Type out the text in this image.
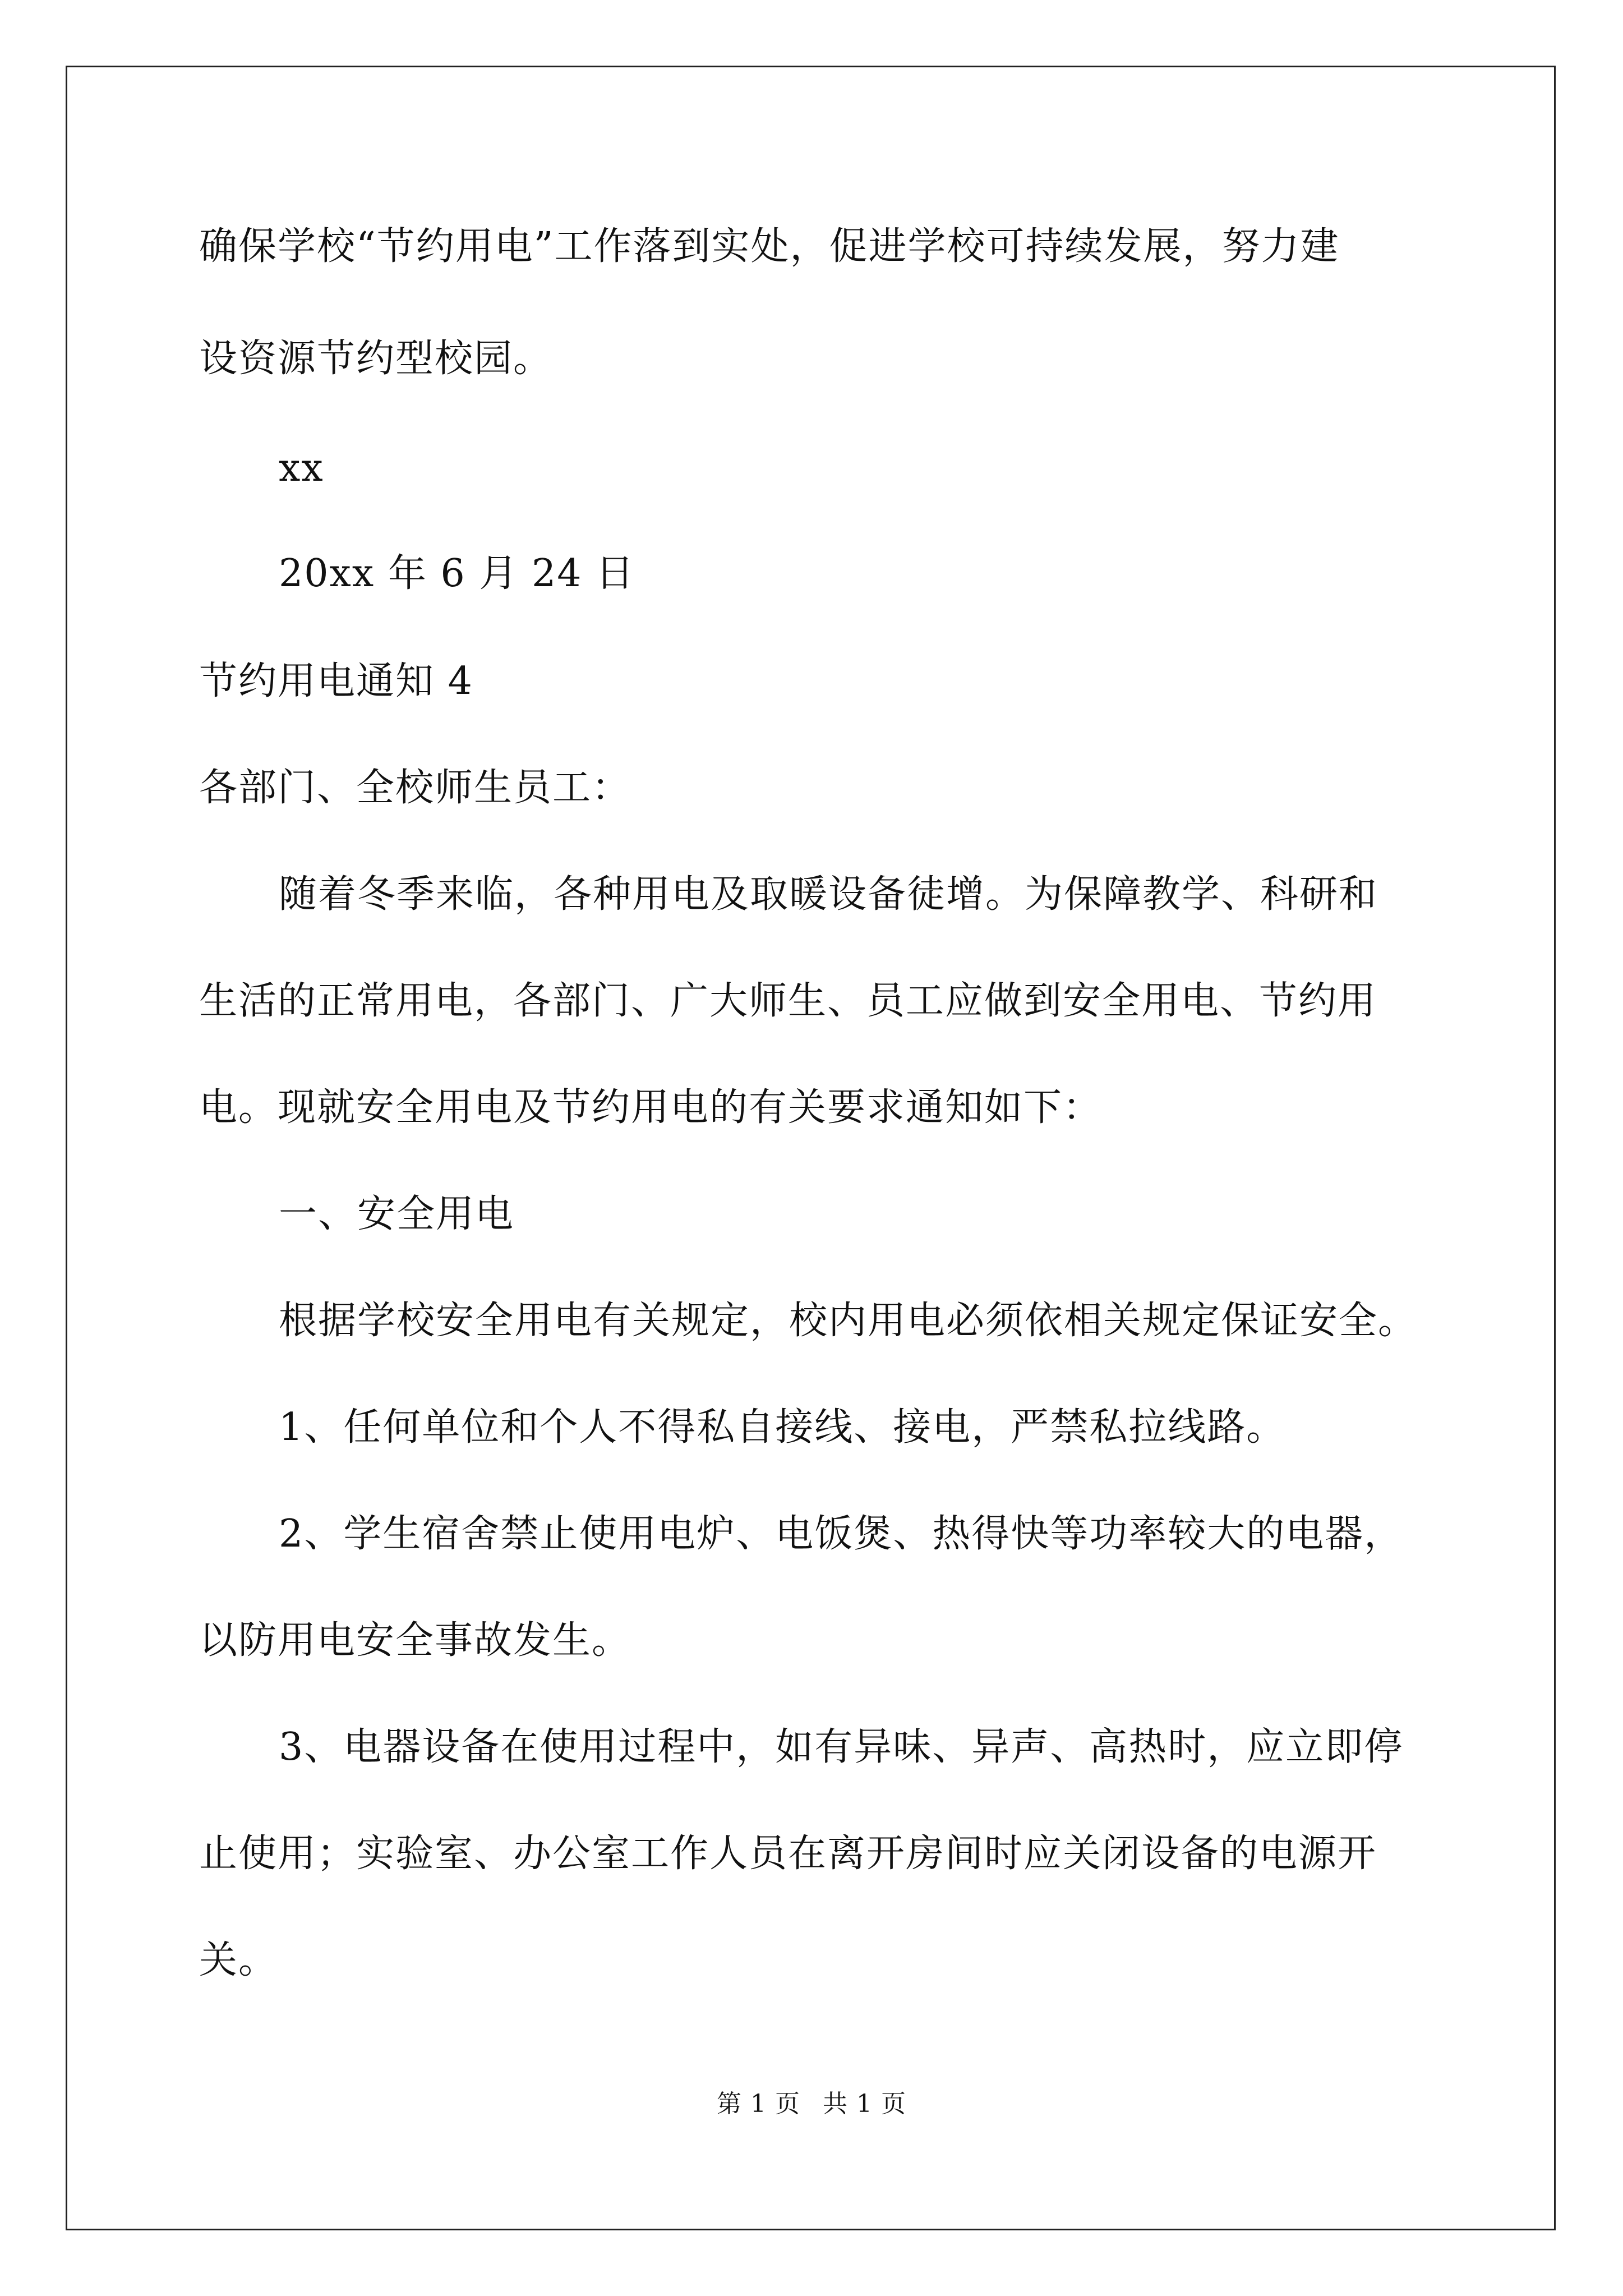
确保学校“节约用电”工作落到实处，促进学校可持续发展，努力建
设资源节约型校园。
xx
20xx 年 6 月 24 日
节约用电通知 4
各部门、全校师生员工：
随着冬季来临，各种用电及取暖设备徒增。为保障教学、科研和
生活的正常用电，各部门、广大师生、员工应做到安全用电、节约用
电。现就安全用电及节约用电的有关要求通知如下：
一、安全用电
根据学校安全用电有关规定，校内用电必须依相关规定保证安全。
1、任何单位和个人不得私自接线、接电，严禁私拉线路。
2、学生宿舍禁止使用电炉、电饭煲、热得快等功率较大的电器，
以防用电安全事故发生。
3、电器设备在使用过程中，如有异味、异声、高热时，应立即停
止使用；实验室、办公室工作人员在离开房间时应关闭设备的电源开
关。
第 1 页 共 1 页
